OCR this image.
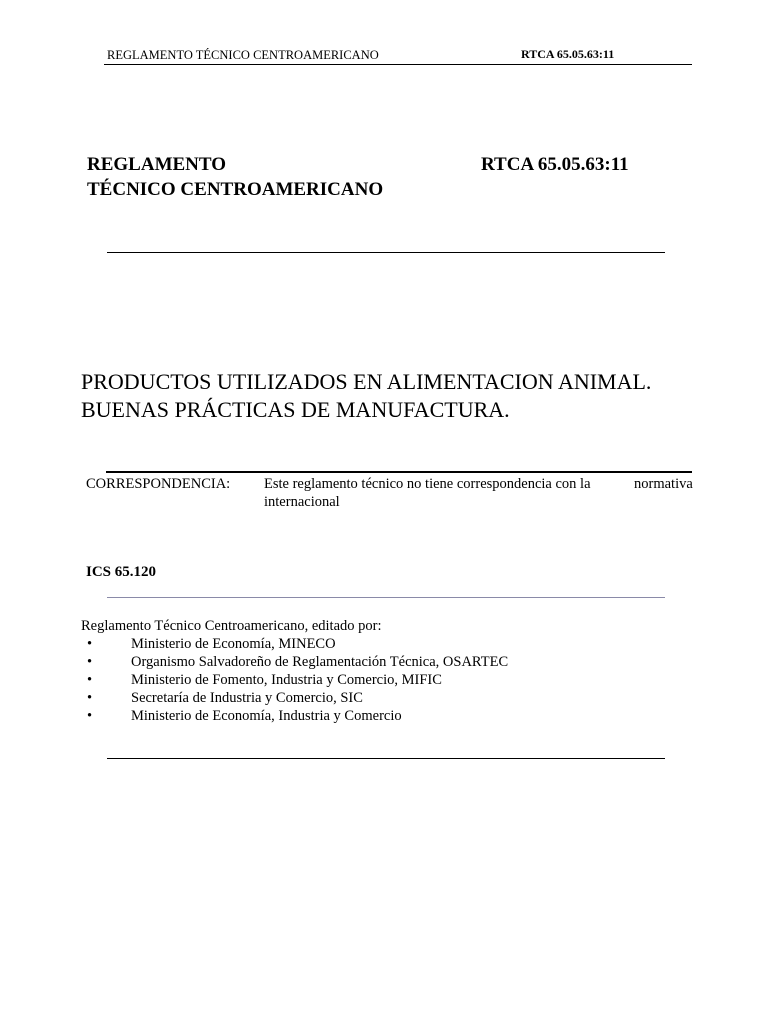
REGLAMENTO TÉCNICO CENTROAMERICANO	RTCA 65.05.63:11
REGLAMENTO
TÉCNICO CENTROAMERICANO
RTCA 65.05.63:11
PRODUCTOS UTILIZADOS EN ALIMENTACION ANIMAL.
BUENAS PRÁCTICAS DE MANUFACTURA.
CORRESPONDENCIA: Este reglamento técnico no tiene correspondencia con la	normativa
internacional
ICS 65.120
Reglamento Técnico Centroamericano, editado por:
•	Ministerio de Economía, MINECO
•	Organismo Salvadoreño de Reglamentación Técnica, OSARTEC
•	Ministerio de Fomento, Industria y Comercio, MIFIC
•	Secretaría de Industria y Comercio, SIC
•	Ministerio de Economía, Industria y Comercio
